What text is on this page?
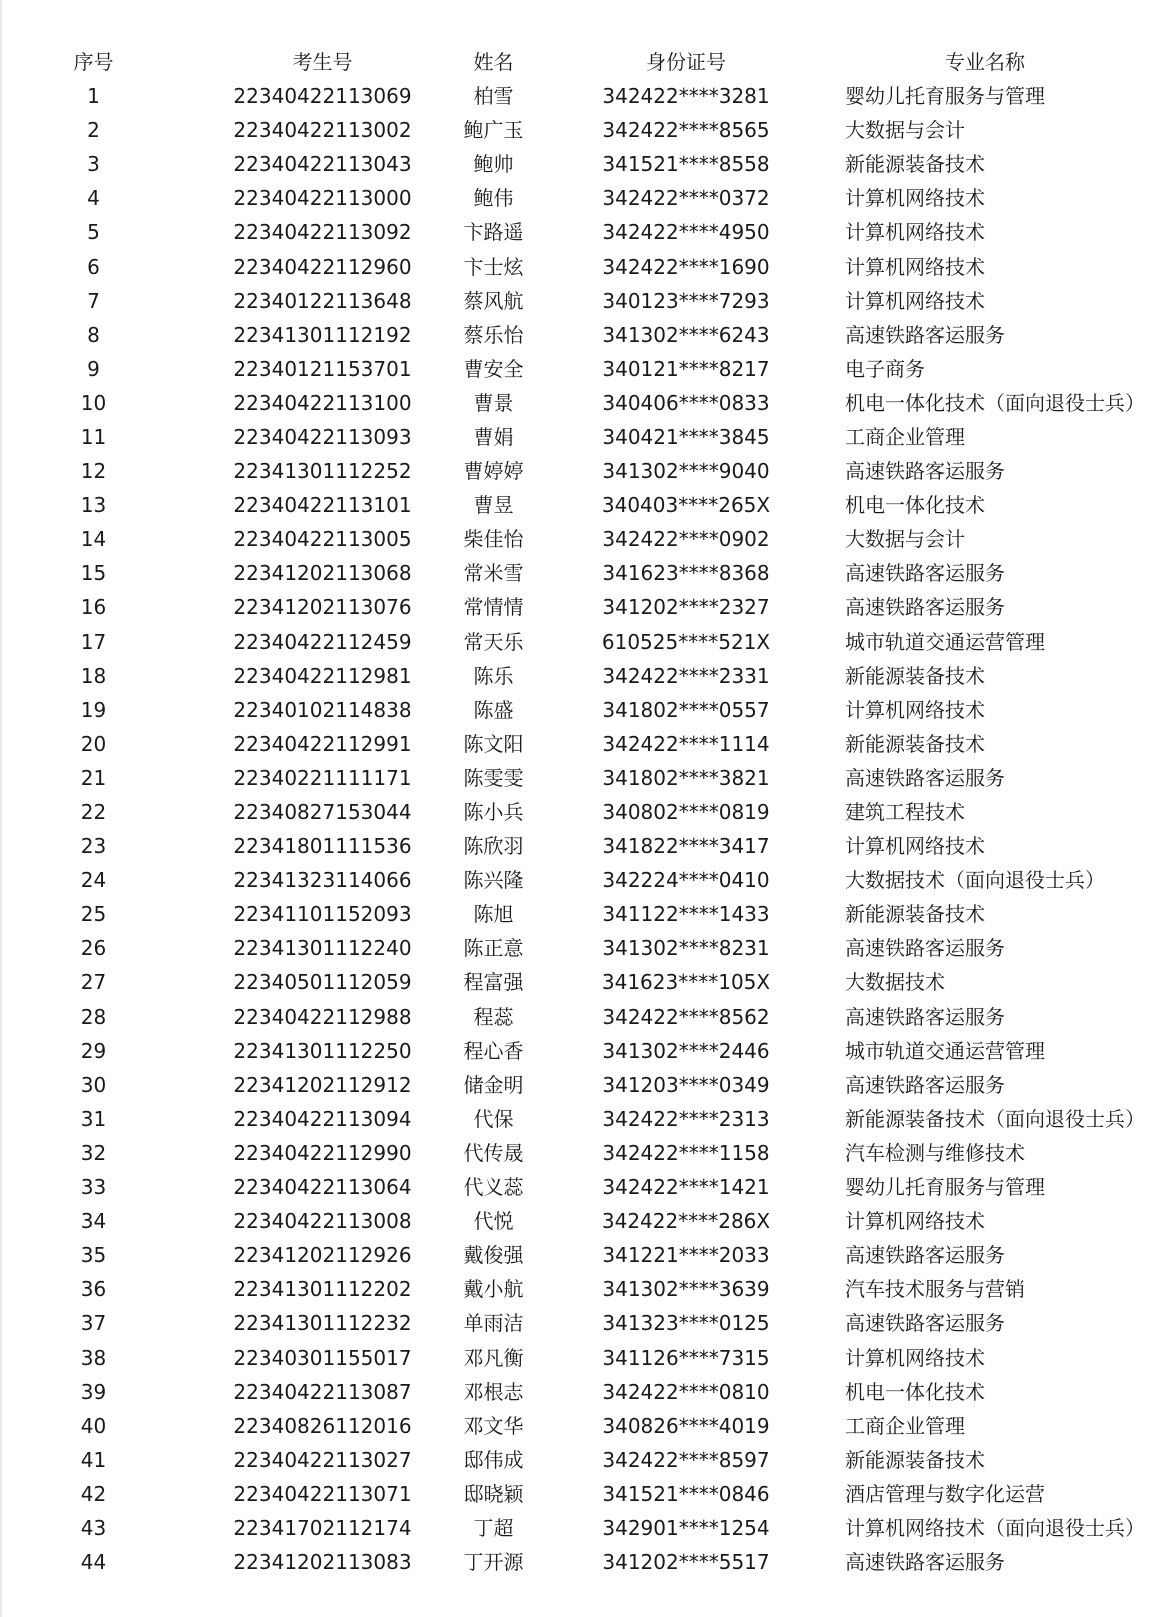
序号	考生号	姓名	身份证号	专业名称
1	22340422113069	柏雪	342422****3281	婴幼儿托育服务与管理
2	22340422113002	鲍广玉	342422****8565	大数据与会计
3	22340422113043	鲍帅	341521****8558	新能源装备技术
4	22340422113000	鲍伟	342422****0372	计算机网络技术
5	22340422113092	卞路遥	342422****4950	计算机网络技术
6	22340422112960	卞士炫	342422****1690	计算机网络技术
7	22340122113648	蔡风航	340123****7293	计算机网络技术
8	22341301112192	蔡乐怡	341302****6243	高速铁路客运服务
9	22340121153701	曹安全	340121****8217	电子商务
10	22340422113100	曹景	340406****0833	机电一体化技术（面向退役士兵）
11	22340422113093	曹娟	340421****3845	工商企业管理
12	22341301112252	曹婷婷	341302****9040	高速铁路客运服务
13	22340422113101	曹昱	340403****265X	机电一体化技术
14	22340422113005	柴佳怡	342422****0902	大数据与会计
15	22341202113068	常米雪	341623****8368	高速铁路客运服务
16	22341202113076	常情情	341202****2327	高速铁路客运服务
17	22340422112459	常天乐	610525****521X	城市轨道交通运营管理
18	22340422112981	陈乐	342422****2331	新能源装备技术
19	22340102114838	陈盛	341802****0557	计算机网络技术
20	22340422112991	陈文阳	342422****1114	新能源装备技术
21	22340221111171	陈雯雯	341802****3821	高速铁路客运服务
22	22340827153044	陈小兵	340802****0819	建筑工程技术
23	22341801111536	陈欣羽	341822****3417	计算机网络技术
24	22341323114066	陈兴隆	342224****0410	大数据技术（面向退役士兵）
25	22341101152093	陈旭	341122****1433	新能源装备技术
26	22341301112240	陈正意	341302****8231	高速铁路客运服务
27	22340501112059	程富强	341623****105X	大数据技术
28	22340422112988	程蕊	342422****8562	高速铁路客运服务
29	22341301112250	程心香	341302****2446	城市轨道交通运营管理
30	22341202112912	储金明	341203****0349	高速铁路客运服务
31	22340422113094	代保	342422****2313	新能源装备技术（面向退役士兵）
32	22340422112990	代传晟	342422****1158	汽车检测与维修技术
33	22340422113064	代义蕊	342422****1421	婴幼儿托育服务与管理
34	22340422113008	代悦	342422****286X	计算机网络技术
35	22341202112926	戴俊强	341221****2033	高速铁路客运服务
36	22341301112202	戴小航	341302****3639	汽车技术服务与营销
37	22341301112232	单雨洁	341323****0125	高速铁路客运服务
38	22340301155017	邓凡衡	341126****7315	计算机网络技术
39	22340422113087	邓根志	342422****0810	机电一体化技术
40	22340826112016	邓文华	340826****4019	工商企业管理
41	22340422113027	邸伟成	342422****8597	新能源装备技术
42	22340422113071	邸晓颖	341521****0846	酒店管理与数字化运营
43	22341702112174	丁超	342901****1254	计算机网络技术（面向退役士兵）
44	22341202113083	丁开源	341202****5517	高速铁路客运服务
